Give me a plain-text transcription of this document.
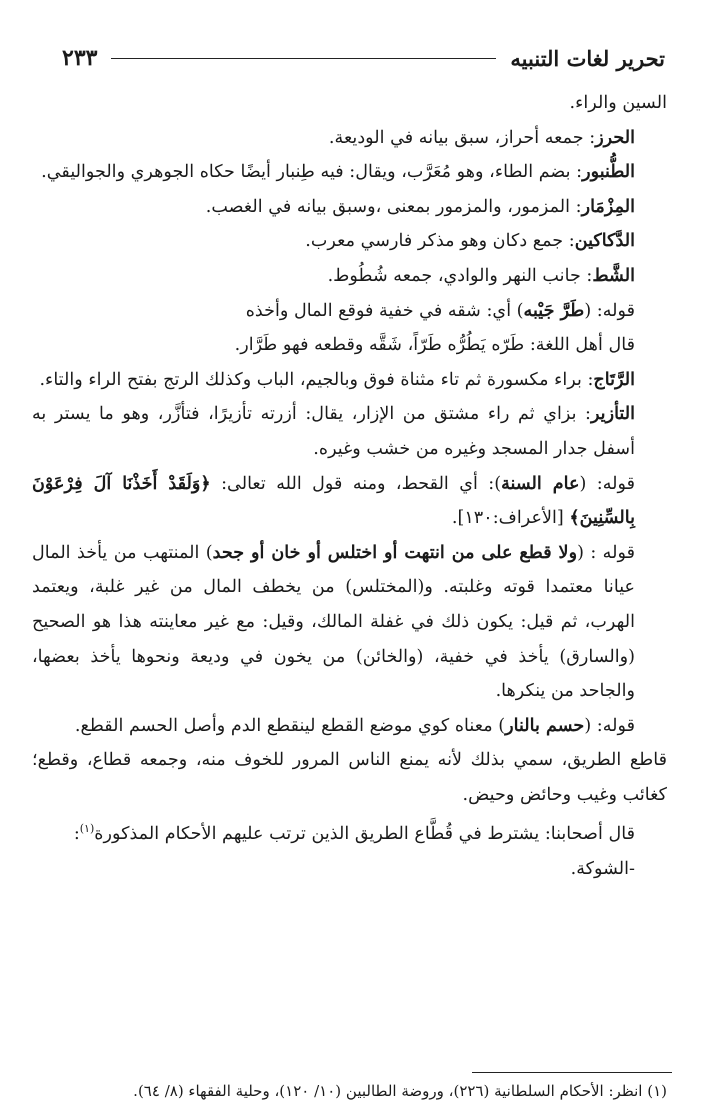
تحرير لغات التنبيه
٢٣٣

السين والراء.

الحرز: جمعه أحراز، سبق بيانه في الوديعة.

الطُّنبور: بضم الطاء، وهو مُعَرَّب، ويقال: فيه طِنبار أيضًا حكاه الجوهري والجواليقي.

المِزْمَار: المزمور، والمزمور بمعنى ،وسبق بيانه في الغصب.

الدَّكاكين: جمع دكان وهو مذكر فارسي معرب.

الشَّط: جانب النهر والوادي، جمعه شُطُوط.

قوله: (طَرَّ جَيْبه) أي: شقه في خفية فوقع المال وأخذه

قال أهل اللغة: طَرّه يَطُرُّه طَرّاً، شَقَّه وقطعه فهو طَرَّار.

الرَّتَاج: براء مكسورة ثم تاء مثناة فوق وبالجيم، الباب وكذلك الرتج بفتح الراء والتاء.

التأزير: بزاي ثم راء مشتق من الإزار، يقال: أزرته تأزيرًا، فتأزَّر، وهو ما يستر به أسفل جدار المسجد وغيره من خشب وغيره.

قوله: (عام السنة): أي القحط، ومنه قول الله تعالى: ﴿وَلَقَدْ أَخَذْنَا آلَ فِرْعَوْنَ بِالسِّنِينَ﴾ [الأعراف:١٣٠].

قوله : (ولا قطع على من انتهت أو اختلس أو خان أو جحد) المنتهب من يأخذ المال عيانا معتمدا قوته وغلبته. و(المختلس) من يخطف المال من غير غلبة، ويعتمد الهرب، ثم قيل: يكون ذلك في غفلة المالك، وقيل: مع غير معاينته هذا هو الصحيح (والسارق) يأخذ في خفية، (والخائن) من يخون في وديعة ونحوها يأخذ بعضها، والجاحد من ينكرها.

قوله: (حسم بالنار) معناه كوي موضع القطع لينقطع الدم وأصل الحسم القطع.

قاطع الطريق، سمي بذلك لأنه يمنع الناس المرور للخوف منه، وجمعه قطاع، وقطع؛ كغائب وغيب وحائض وحيض.

قال أصحابنا: يشترط في قُطَّاع الطريق الذين ترتب عليهم الأحكام المذكورة$^{(١)}$:

-الشوكة.

(١) انظر: الأحكام السلطانية (٢٢٦)، وروضة الطالبين (١٠/ ١٢٠)، وحلية الفقهاء (٨/ ٦٤).
